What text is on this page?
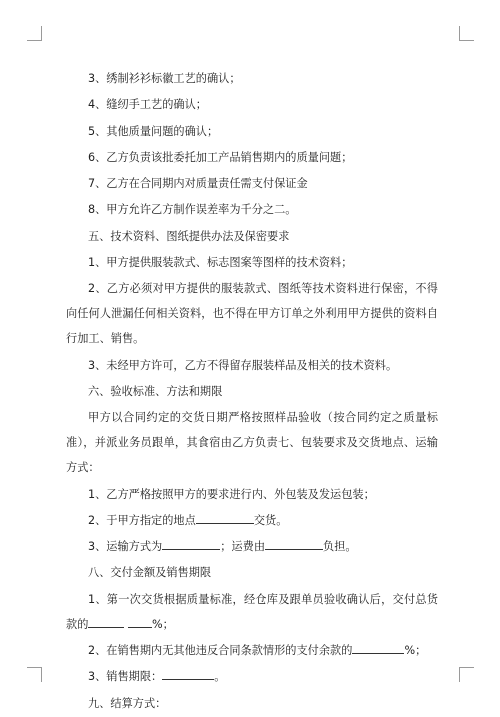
3、绣制衫衫标徽工艺的确认；

4、缝纫手工艺的确认；

5、其他质量问题的确认；

6、乙方负责该批委托加工产品销售期内的质量问题；

7、乙方在合同期内对质量责任需支付保证金

8、甲方允许乙方制作误差率为千分之二。

五、技术资料、图纸提供办法及保密要求

1、甲方提供服装款式、标志图案等图样的技术资料；

2、乙方必须对甲方提供的服装款式、图纸等技术资料进行保密，不得向任何人泄漏任何相关资料，也不得在甲方订单之外利用甲方提供的资料自行加工、销售。

3、未经甲方许可，乙方不得留存服装样品及相关的技术资料。

六、验收标准、方法和期限

甲方以合同约定的交货日期严格按照样品验收（按合同约定之质量标准），并派业务员跟单，其食宿由乙方负责七、包装要求及交货地点、运输方式：

1、乙方严格按照甲方的要求进行内、外包装及发运包装；

2、于甲方指定的地点	交货。

3、运输方式为	；运费由	负担。

八、交付金额及销售期限

1、第一次交货根据质量标准，经仓库及跟单员验收确认后，交付总货款的	%；

2、在销售期内无其他违反合同条款情形的支付余款的	%；

3、销售期限：	。

九、结算方式：
